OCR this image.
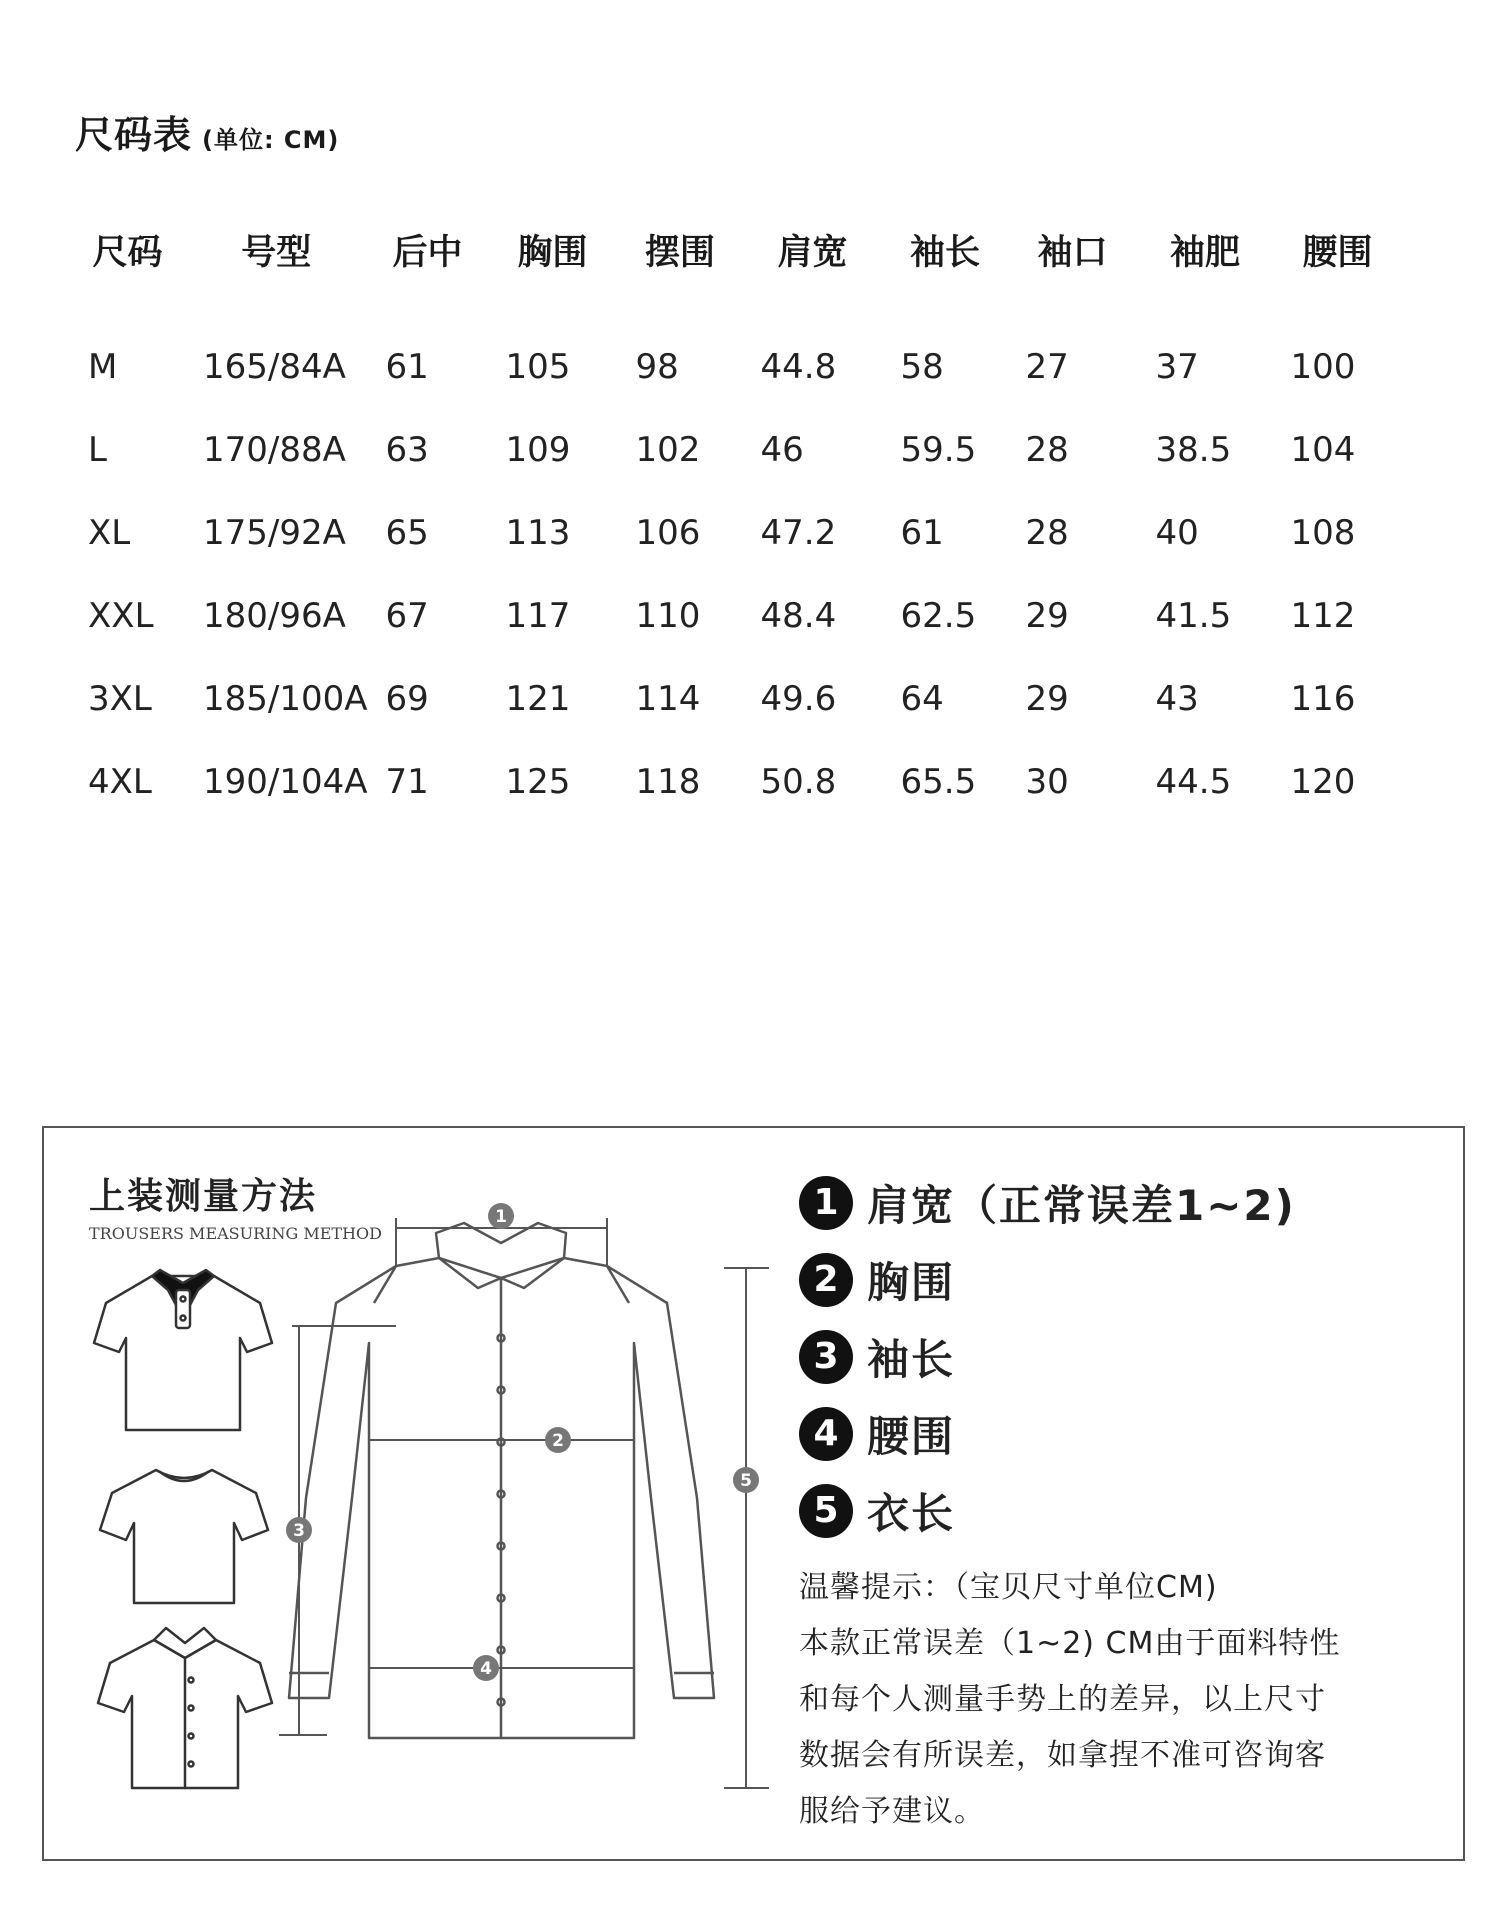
尺码表 (单位: CM)
尺码	号型	后中	胸围	摆围	肩宽	袖长	袖口	袖肥	腰围
M	165/84A	61	105	98	44.8	58	27	37	100
L	170/88A	63	109	102	46	59.5	28	38.5	104
XL	175/92A	65	113	106	47.2	61	28	40	108
XXL	180/96A	67	117	110	48.4	62.5	29	41.5	112
3XL	185/100A	69	121	114	49.6	64	29	43	116
4XL	190/104A	71	125	118	50.8	65.5	30	44.5	120
上装测量方法
TROUSERS MEASURING METHOD
1
2
3
4
5
1 肩宽（正常误差1~2)
2 胸围
3 袖长
4 腰围
5 衣长
温馨提示：（宝贝尺寸单位CM)
本款正常误差（1~2) CM由于面料特性
和每个人测量手势上的差异，以上尺寸
数据会有所误差，如拿捏不准可咨询客
服给予建议。
